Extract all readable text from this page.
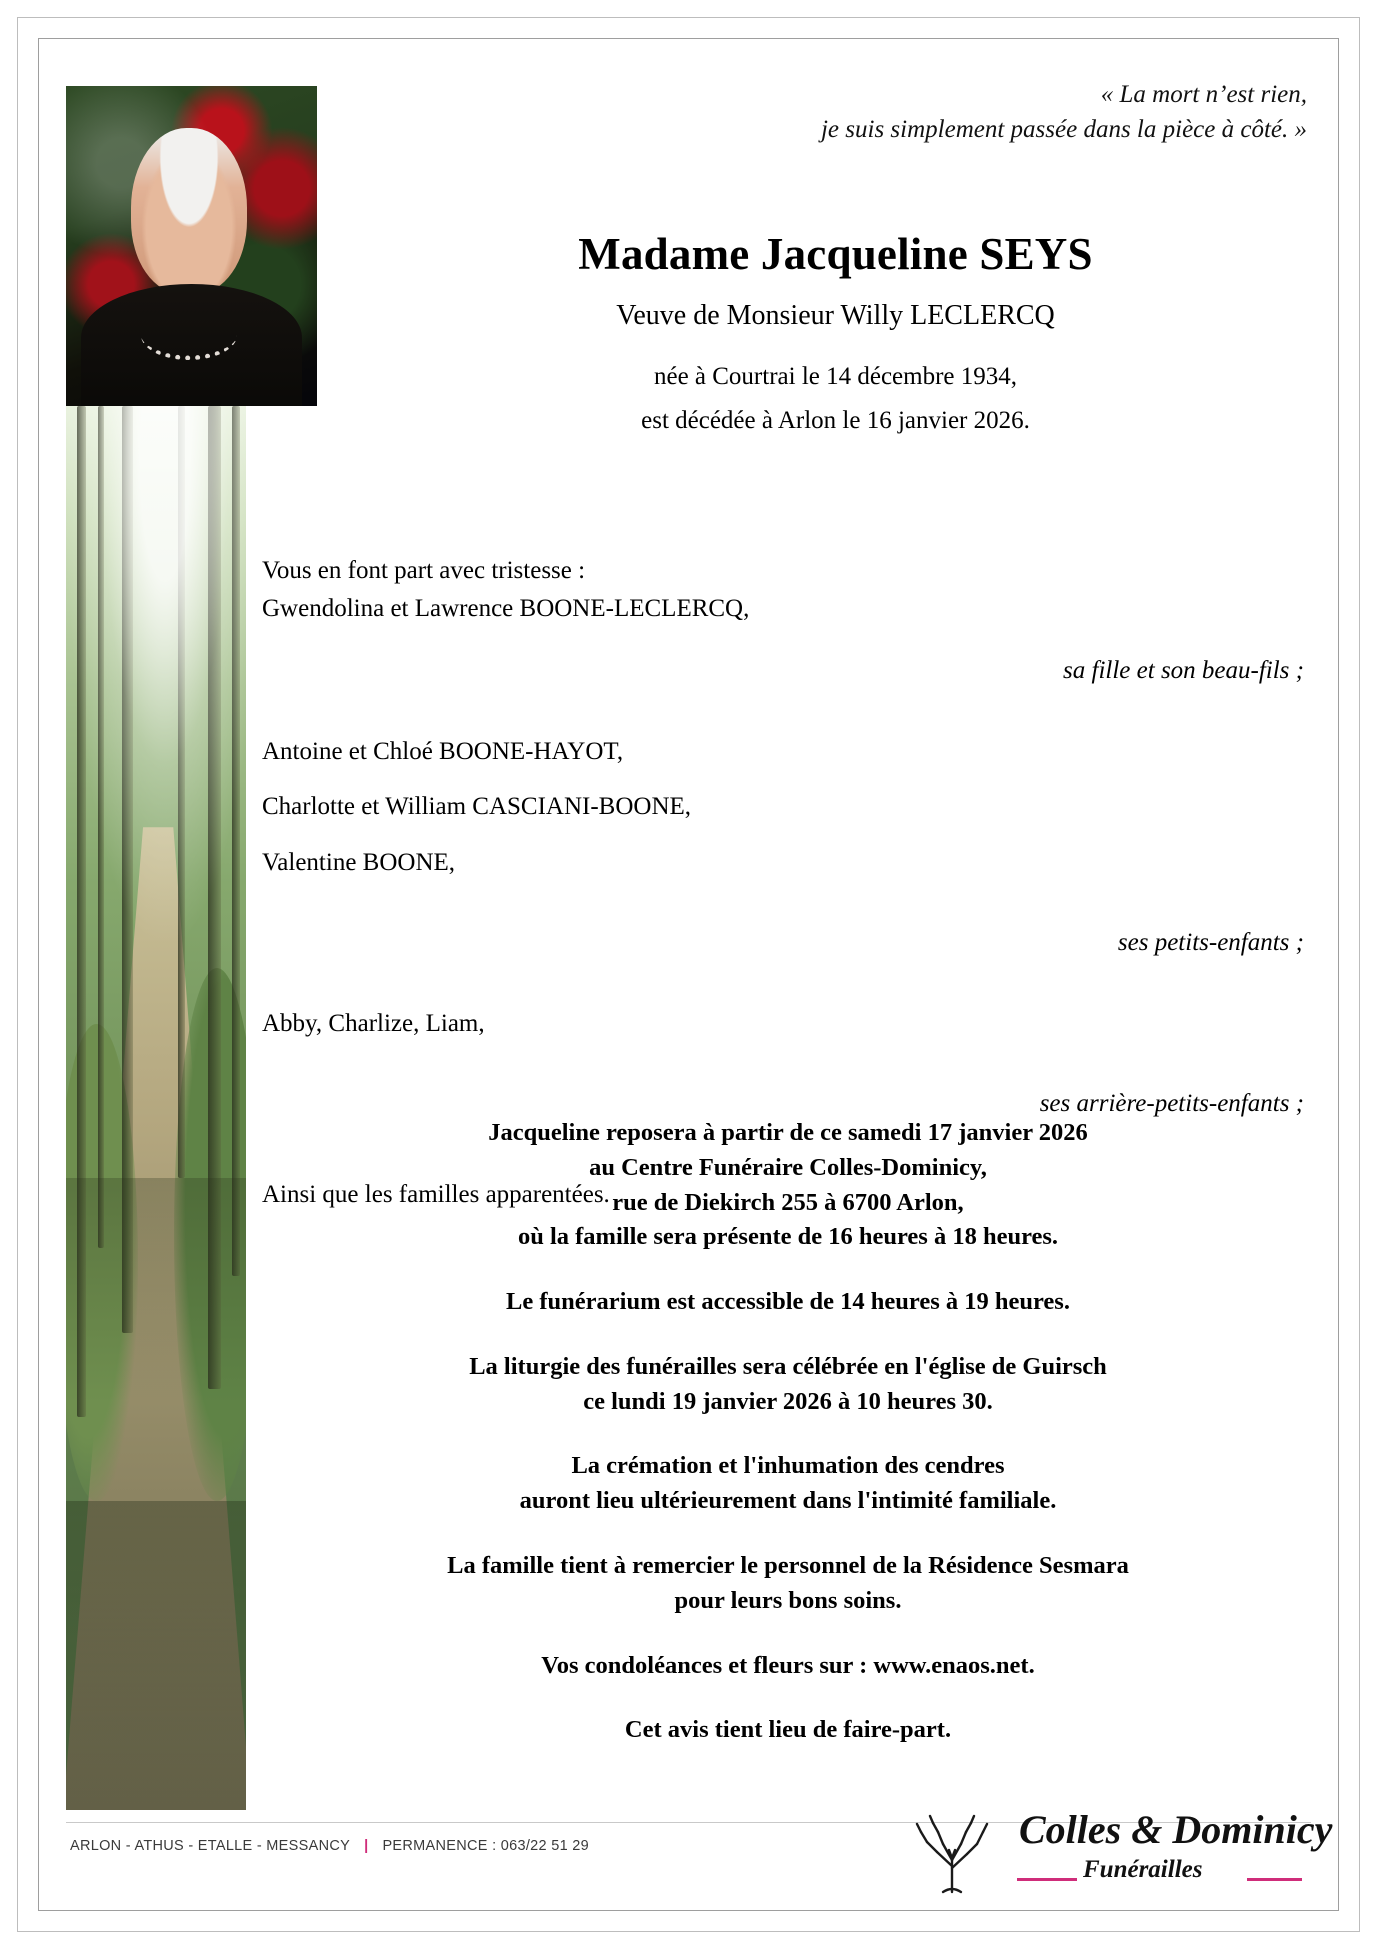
« La mort n’est rien,
je suis simplement passée dans la pièce à côté. »
Madame Jacqueline SEYS
Veuve de Monsieur Willy LECLERCQ
née à Courtrai le 14 décembre 1934,
est décédée à Arlon le 16 janvier 2026.

Vous en font part avec tristesse :

Gwendolina et Lawrence BOONE-LECLERCQ,

sa fille et son beau-fils ;

Antoine et Chloé BOONE-HAYOT,

Charlotte et William CASCIANI-BOONE,

Valentine BOONE,

ses petits-enfants ;

Abby, Charlize, Liam,

ses arrière-petits-enfants ;

Ainsi que les familles apparentées.

Jacqueline reposera à partir de ce samedi 17 janvier 2026
au Centre Funéraire Colles-Dominicy,
rue de Diekirch 255 à 6700 Arlon,
où la famille sera présente de 16 heures à 18 heures.
Le funérarium est accessible de 14 heures à 19 heures.
La liturgie des funérailles sera célébrée en l'église de Guirsch
ce lundi 19 janvier 2026 à 10 heures 30.
La crémation et l'inhumation des cendres
auront lieu ultérieurement dans l'intimité familiale.
La famille tient à remercier le personnel de la Résidence Sesmara
pour leurs bons soins.
Vos condoléances et fleurs sur : www.enaos.net.
Cet avis tient lieu de faire-part.
ARLON - ATHUS - ETALLE - MESSANCY | PERMANENCE : 063/22 51 29	Colles & Dominicy
Funérailles
